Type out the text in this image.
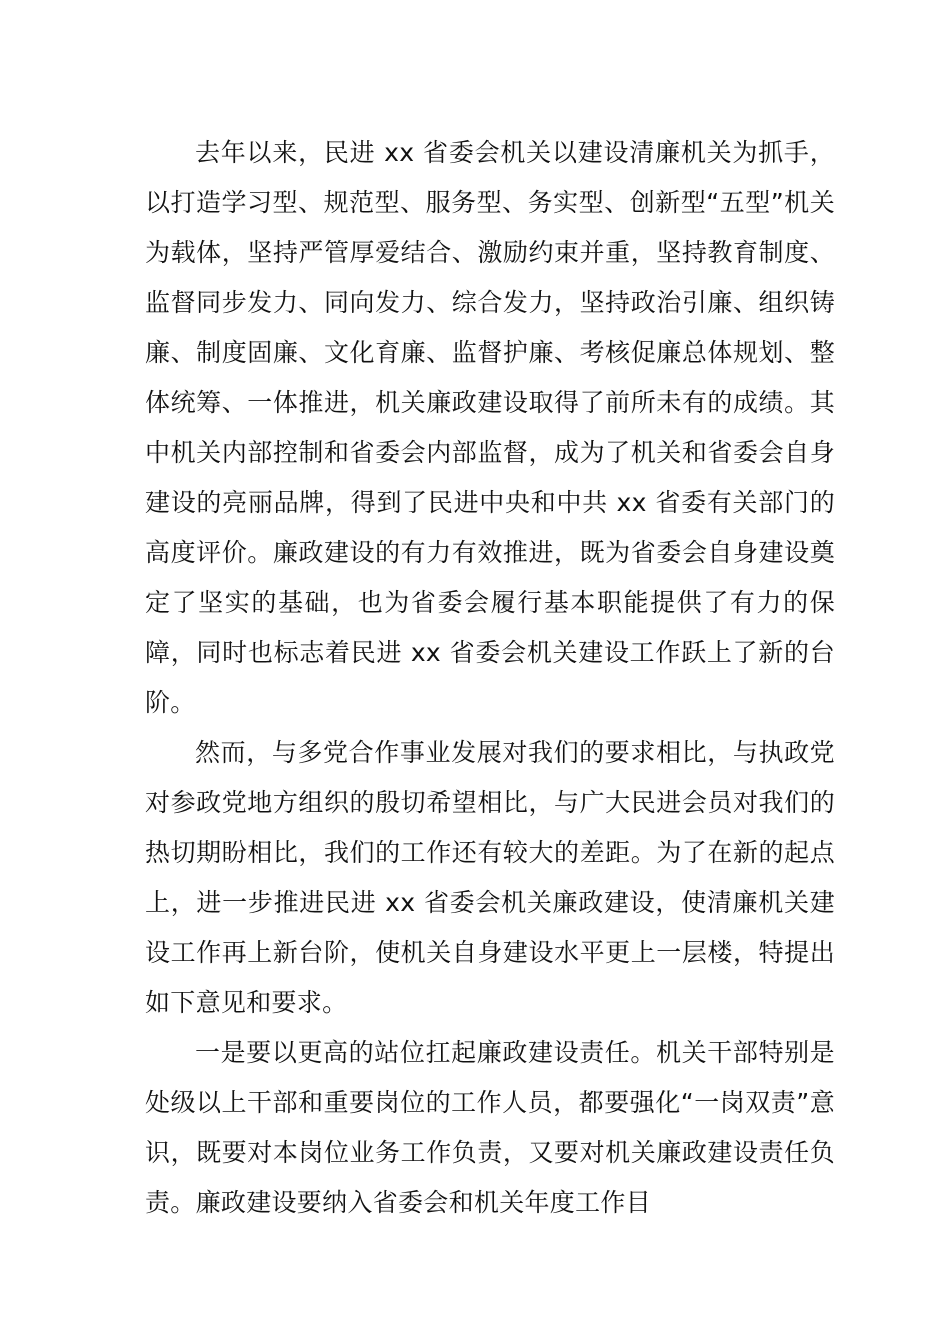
去年以来，民进 xx 省委会机关以建设清廉机关为抓手，以打造学习型、规范型、服务型、务实型、创新型“五型”机关为载体，坚持严管厚爱结合、激励约束并重，坚持教育制度、监督同步发力、同向发力、综合发力，坚持政治引廉、组织铸廉、制度固廉、文化育廉、监督护廉、考核促廉总体规划、整体统筹、一体推进，机关廉政建设取得了前所未有的成绩。其中机关内部控制和省委会内部监督，成为了机关和省委会自身建设的亮丽品牌，得到了民进中央和中共 xx 省委有关部门的高度评价。廉政建设的有力有效推进，既为省委会自身建设奠定了坚实的基础，也为省委会履行基本职能提供了有力的保障，同时也标志着民进 xx 省委会机关建设工作跃上了新的台阶。

然而，与多党合作事业发展对我们的要求相比，与执政党对参政党地方组织的殷切希望相比，与广大民进会员对我们的热切期盼相比，我们的工作还有较大的差距。为了在新的起点上，进一步推进民进 xx 省委会机关廉政建设，使清廉机关建设工作再上新台阶，使机关自身建设水平更上一层楼，特提出如下意见和要求。

一是要以更高的站位扛起廉政建设责任。机关干部特别是处级以上干部和重要岗位的工作人员，都要强化“一岗双责”意识，既要对本岗位业务工作负责，又要对机关廉政建设责任负责。廉政建设要纳入省委会和机关年度工作目
